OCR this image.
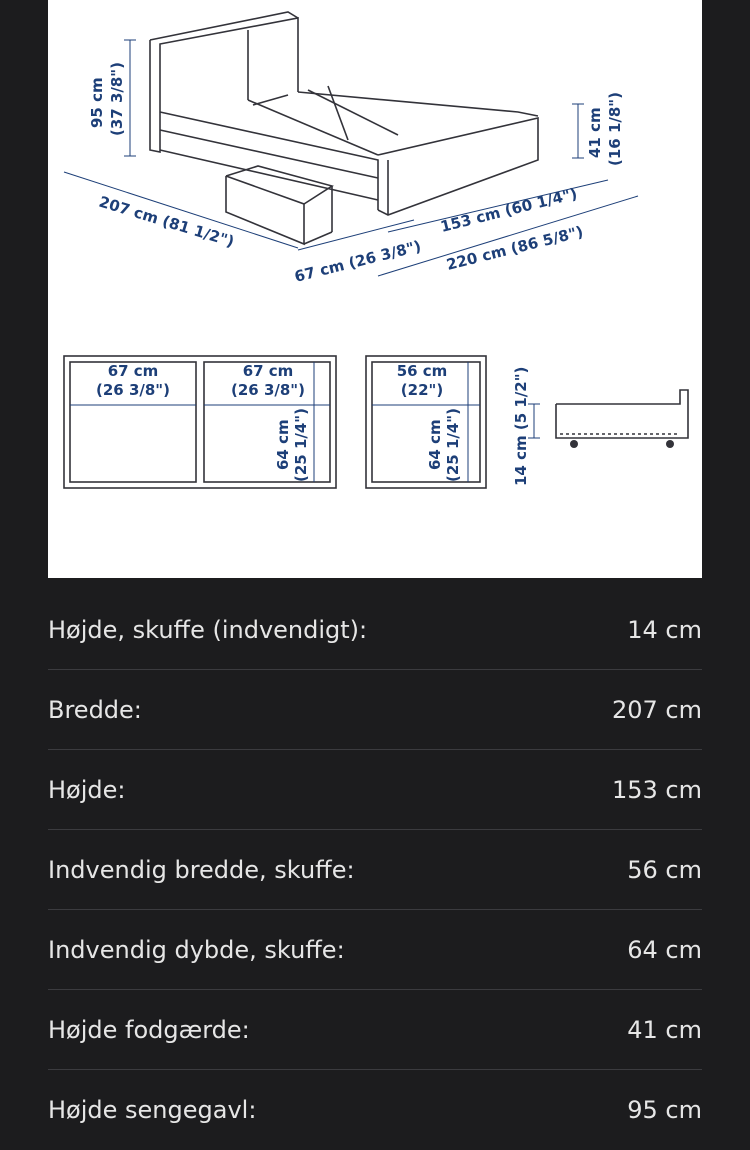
95 cm (37 3/8")	41 cm (16 1/8")
207 cm (81 1/2")
67 cm (26 3/8")
153 cm (60 1/4")
220 cm (86 5/8")
67 cm
(26 3/8")
67 cm
(26 3/8")
64 cm (25 1/4")
56 cm
(22")
64 cm (25 1/4")	14 cm (5 1/2")
Højde, skuffe (indvendigt):	14 cm
Bredde:	207 cm
Højde:	153 cm
Indvendig bredde, skuffe:	56 cm
Indvendig dybde, skuffe:	64 cm
Højde fodgærde:	41 cm
Højde sengegavl:	95 cm
